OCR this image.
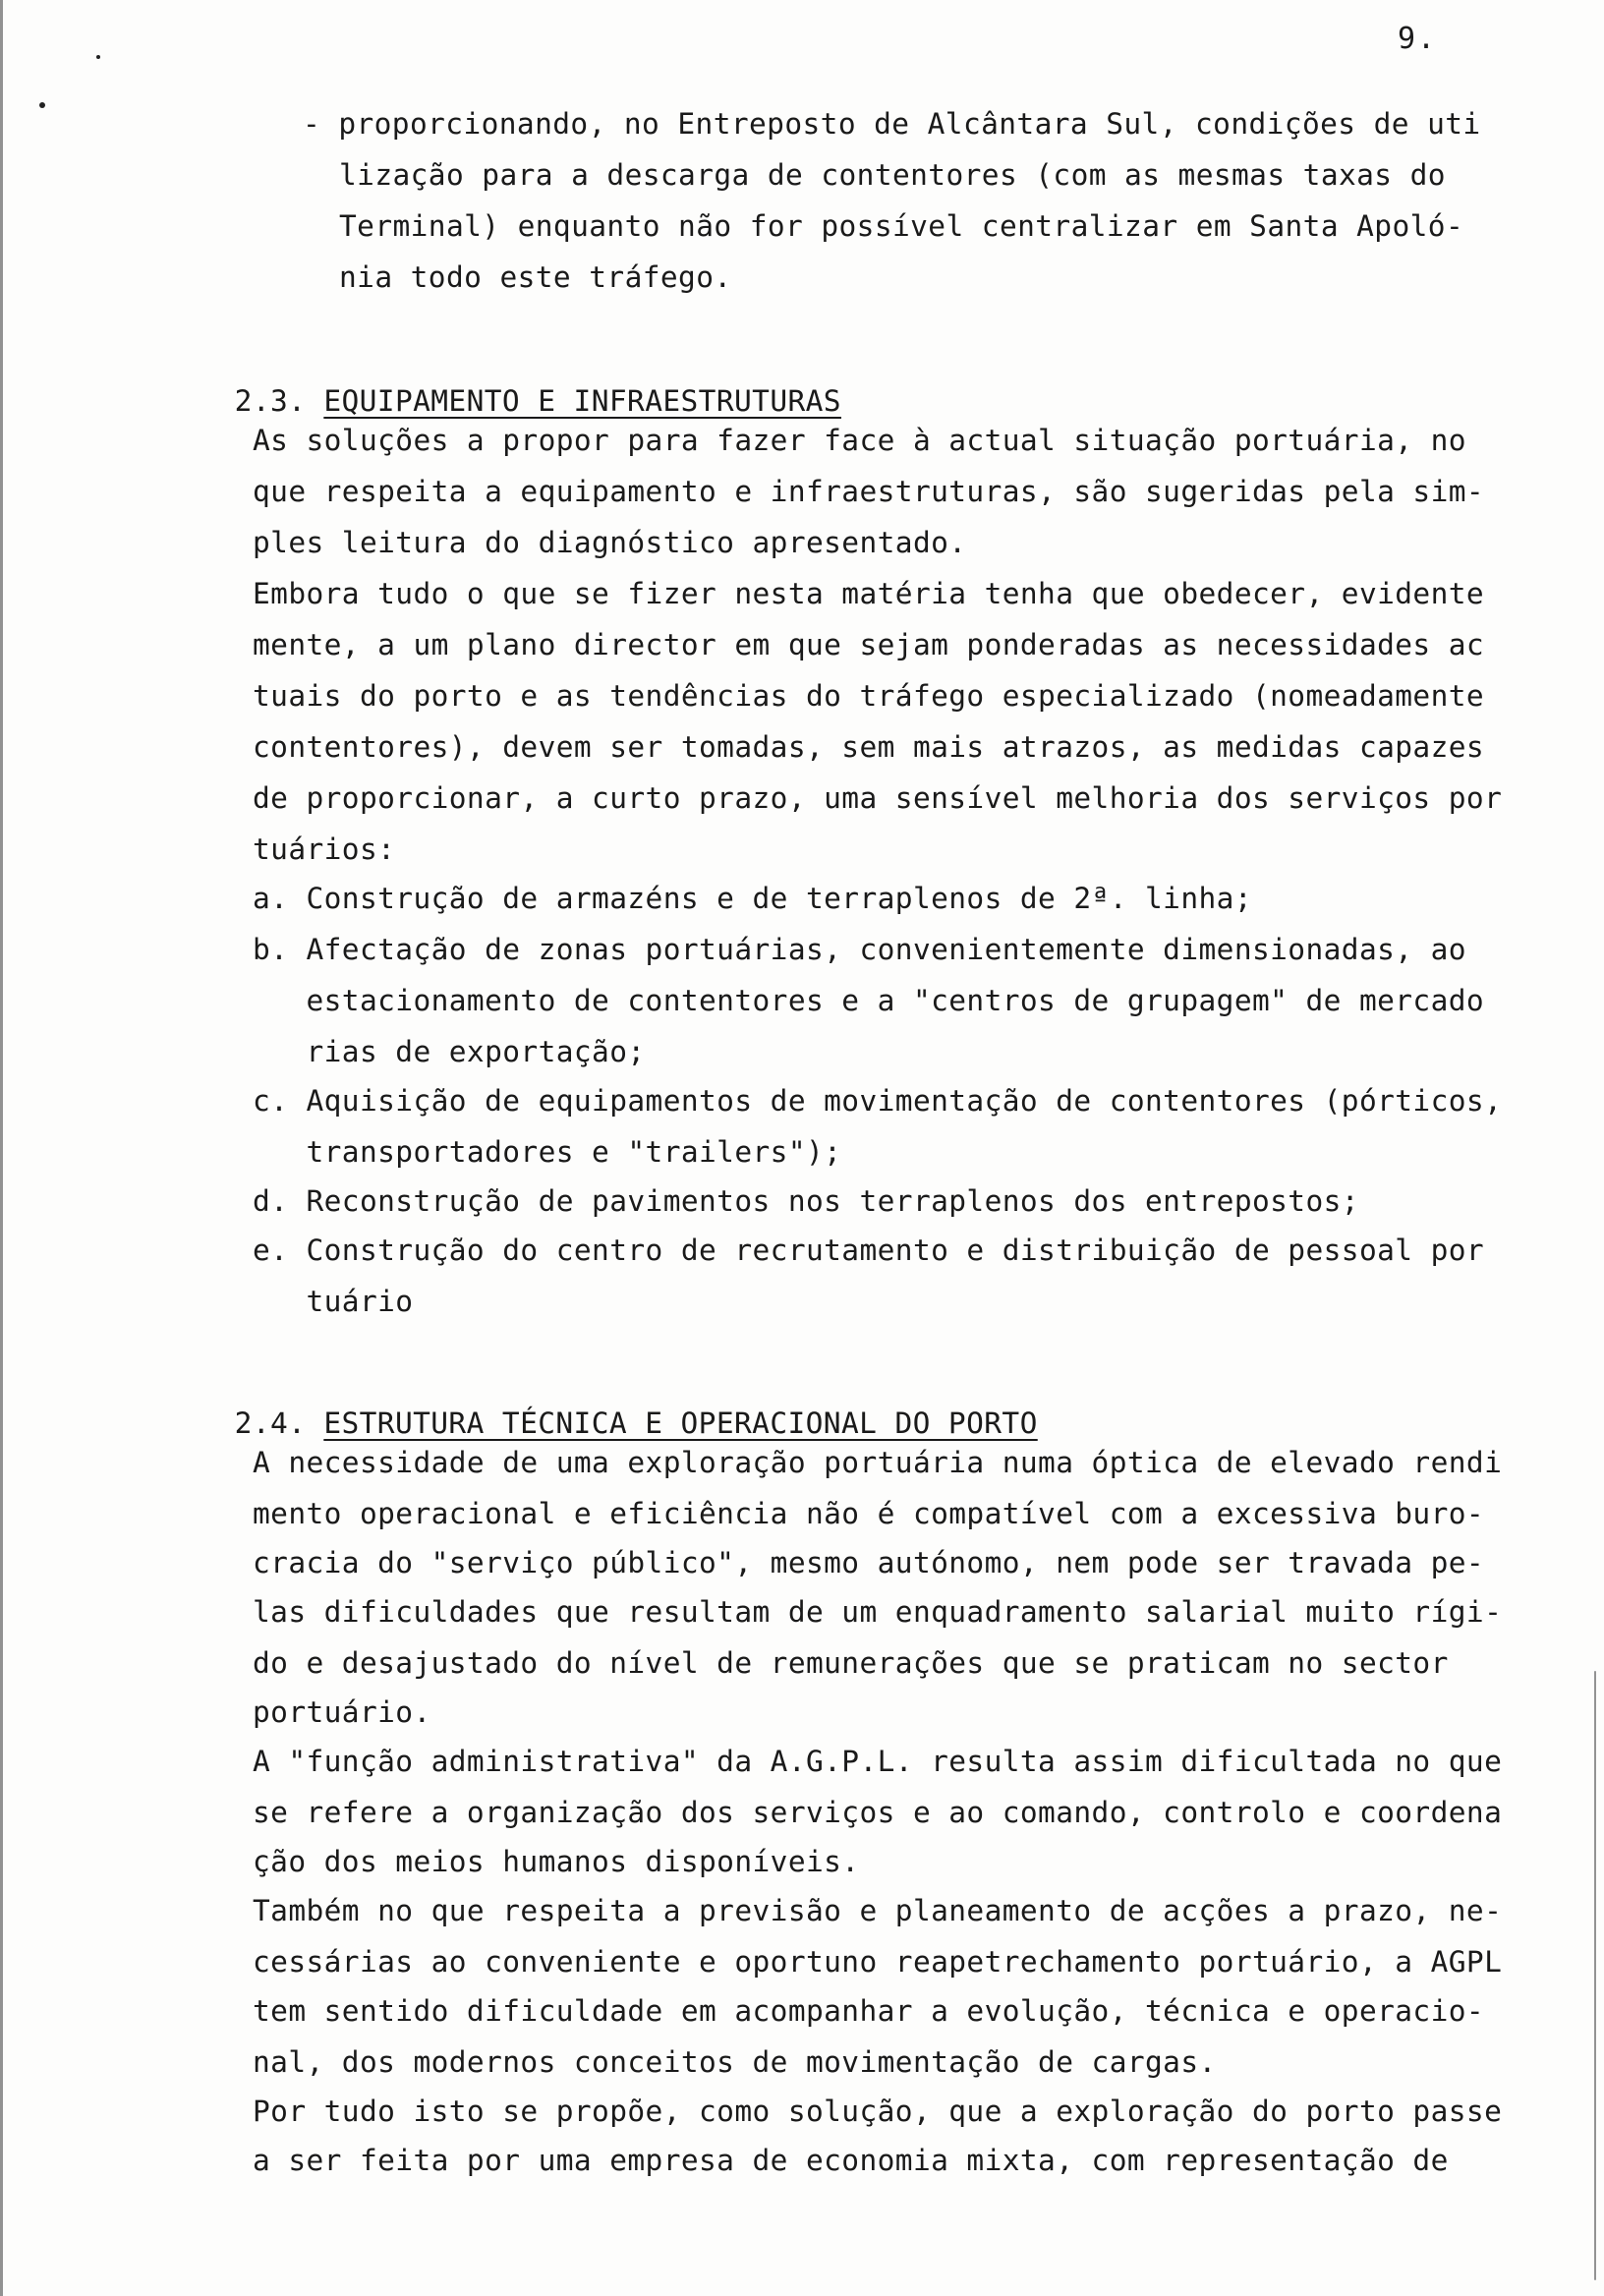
9.
- proporcionando, no Entreposto de Alcântara Sul, condições de uti
lização para a descarga de contentores (com as mesmas taxas do
Terminal) enquanto não for possível centralizar em Santa Apoló-
nia todo este tráfego.

2.3. EQUIPAMENTO E INFRAESTRUTURAS

As soluções a propor para fazer face à actual situação portuária, no
que respeita a equipamento e infraestruturas, são sugeridas pela sim-
ples leitura do diagnóstico apresentado.
Embora tudo o que se fizer nesta matéria tenha que obedecer, evidente
mente, a um plano director em que sejam ponderadas as necessidades ac
tuais do porto e as tendências do tráfego especializado (nomeadamente
contentores), devem ser tomadas, sem mais atrazos, as medidas capazes
de proporcionar, a curto prazo, uma sensível melhoria dos serviços por
tuários:
a. Construção de armazéns e de terraplenos de 2ª. linha;
b. Afectação de zonas portuárias, convenientemente dimensionadas, ao
estacionamento de contentores e a "centros de grupagem" de mercado
rias de exportação;
c. Aquisição de equipamentos de movimentação de contentores (pórticos,
transportadores e "trailers");
d. Reconstrução de pavimentos nos terraplenos dos entrepostos;
e. Construção do centro de recrutamento e distribuição de pessoal por
tuário

2.4. ESTRUTURA TÉCNICA E OPERACIONAL DO PORTO

A necessidade de uma exploração portuária numa óptica de elevado rendi
mento operacional e eficiência não é compatível com a excessiva buro-
cracia do "serviço público", mesmo autónomo, nem pode ser travada pe-
las dificuldades que resultam de um enquadramento salarial muito rígi-
do e desajustado do nível de remunerações que se praticam no sector
portuário.
A "função administrativa" da A.G.P.L. resulta assim dificultada no que
se refere a organização dos serviços e ao comando, controlo e coordena
ção dos meios humanos disponíveis.
Também no que respeita a previsão e planeamento de acções a prazo, ne-
cessárias ao conveniente e oportuno reapetrechamento portuário, a AGPL
tem sentido dificuldade em acompanhar a evolução, técnica e operacio-
nal, dos modernos conceitos de movimentação de cargas.
Por tudo isto se propõe, como solução, que a exploração do porto passe
a ser feita por uma empresa de economia mixta, com representação de
